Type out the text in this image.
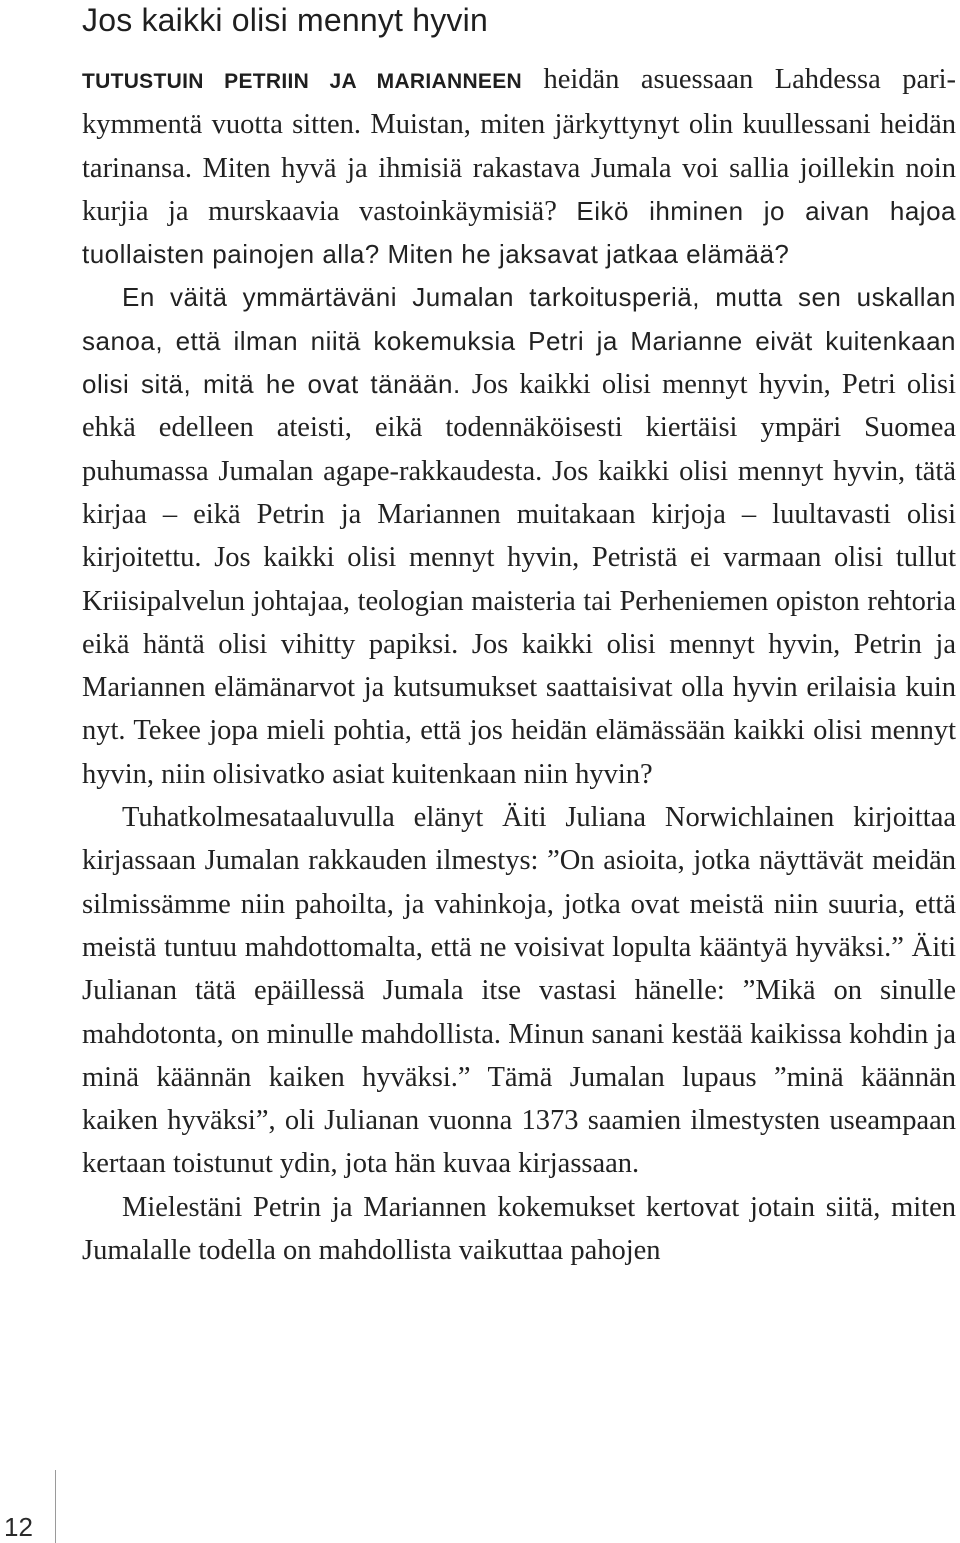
Jos kaikki olisi mennyt hyvin

TUTUSTUIN PETRIIN JA MARIANNEEN heidän asuessaan Lahdessa parikymmentä vuotta sitten. Muistan, miten järkyttynyt olin kuullessani heidän tarinansa. Miten hyvä ja ihmisiä rakastava Jumala voi sallia joillekin noin kurjia ja murskaavia vastoinkäymisiä? Eikö ihminen jo aivan hajoa tuollaisten painojen alla? Miten he jaksavat jatkaa elämää?

En väitä ymmärtäväni Jumalan tarkoitusperiä, mutta sen uskallan sanoa, että ilman niitä kokemuksia Petri ja Marianne eivät kuitenkaan olisi sitä, mitä he ovat tänään. Jos kaikki olisi mennyt hyvin, Petri olisi ehkä edelleen ateisti, eikä todennäköisesti kiertäisi ympäri Suomea puhumassa Jumalan agape-rakkaudesta. Jos kaikki olisi mennyt hyvin, tätä kirjaa – eikä Petrin ja Mariannen muitakaan kirjoja – luultavasti olisi kirjoitettu. Jos kaikki olisi mennyt hyvin, Petristä ei varmaan olisi tullut Kriisipalvelun johtajaa, teologian maisteria tai Perheniemen opiston rehtoria eikä häntä olisi vihitty papiksi. Jos kaikki olisi mennyt hyvin, Petrin ja Mariannen elämänarvot ja kutsumukset saattaisivat olla hyvin erilaisia kuin nyt. Tekee jopa mieli pohtia, että jos heidän elämässään kaikki olisi mennyt hyvin, niin olisivatko asiat kuitenkaan niin hyvin?

Tuhatkolmesataaluvulla elänyt Äiti Juliana Norwichlainen kirjoittaa kirjassaan Jumalan rakkauden ilmestys: ”On asioita, jotka näyttävät meidän silmissämme niin pahoilta, ja vahinkoja, jotka ovat meistä niin suuria, että meistä tuntuu mahdottomalta, että ne voisivat lopulta kääntyä hyväksi.” Äiti Julianan tätä epäillessä Jumala itse vastasi hänelle: ”Mikä on sinulle mahdotonta, on minulle mahdollista. Minun sanani kestää kaikissa kohdin ja minä käännän kaiken hyväksi.” Tämä Jumalan lupaus ”minä käännän kaiken hyväksi”, oli Julianan vuonna 1373 saamien ilmestysten useampaan kertaan toistunut ydin, jota hän kuvaa kirjassaan.

Mielestäni Petrin ja Mariannen kokemukset kertovat jotain siitä, miten Jumalalle todella on mahdollista vaikuttaa pahojen

12
